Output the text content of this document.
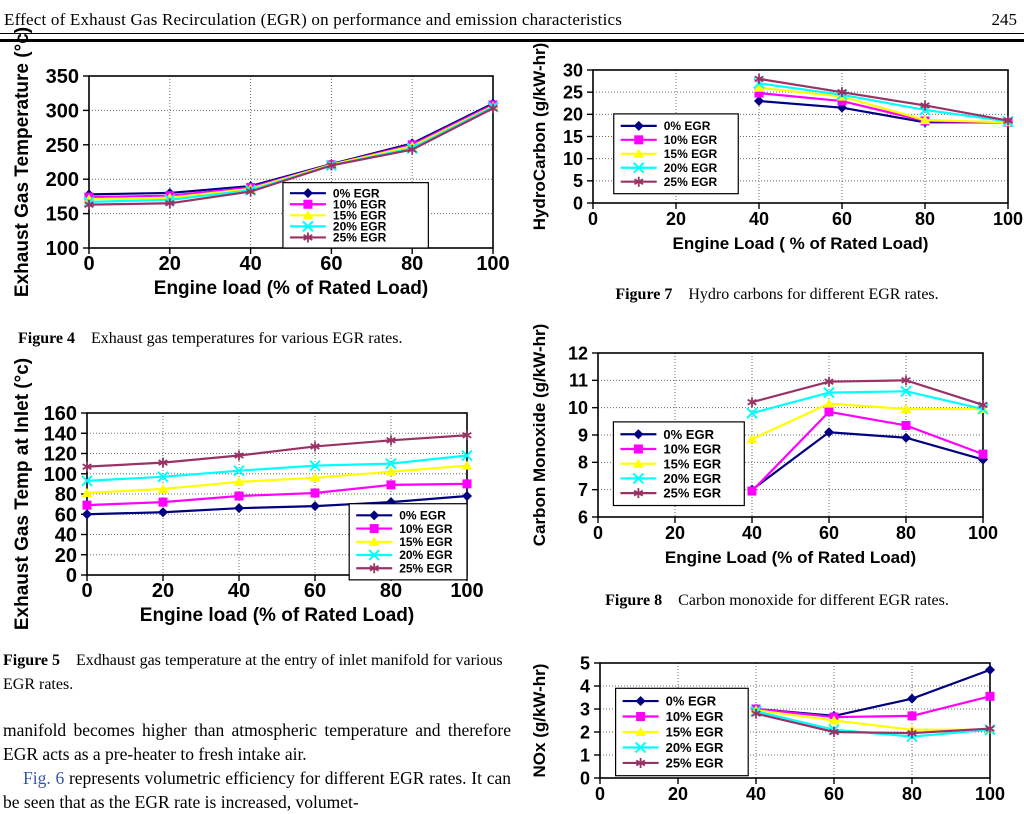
Effect of Exhaust Gas Recirculation (EGR) on performance and emission characteristics	245
100
150
200
250
300
350
0	20	40	60	80	100
Engine load (% of Rated Load)
Exhaust Gas Temperature (°c)	0% EGR
10% EGR
15% EGR
20% EGR
25% EGR
Figure 4 Exhaust gas temperatures for various EGR rates.
0
20
40
60
80
100
120
140
160
0	20	40	60	80 100
Engine load (% of Rated Load)
Exhaust Gas Temp at Inlet (°c)	0% EGR
10% EGR
15% EGR
20% EGR
25% EGR
Figure 5 Exdhaust gas temperature at the entry of inlet manifold for various EGR rates.

manifold becomes higher than atmospheric temperature and therefore EGR acts as a pre-heater to fresh intake air.

Fig. 6 represents volumetric efficiency for different EGR rates. It can be seen that as the EGR rate is increased, volumet-

0
5
10
15
20
25
30
0	20	40	60	80	100
Engine Load ( % of Rated Load)
HydroCarbon (g/kW-hr)	0% EGR
10% EGR
15% EGR
20% EGR
25% EGR
Figure 7 Hydro carbons for different EGR rates.
6
7
8
9
10
11
12
0	20	40	60	80	100
Engine Load (% of Rated Load)
Carbon Monoxide (g/kW-hr)	0% EGR
10% EGR
15% EGR
20% EGR
25% EGR
Figure 8 Carbon monoxide for different EGR rates.
0
1
2
3
4
5
0	20	40	60	80	100
NOx (g/kW-hr)	0% EGR
10% EGR
15% EGR
20% EGR
25% EGR
